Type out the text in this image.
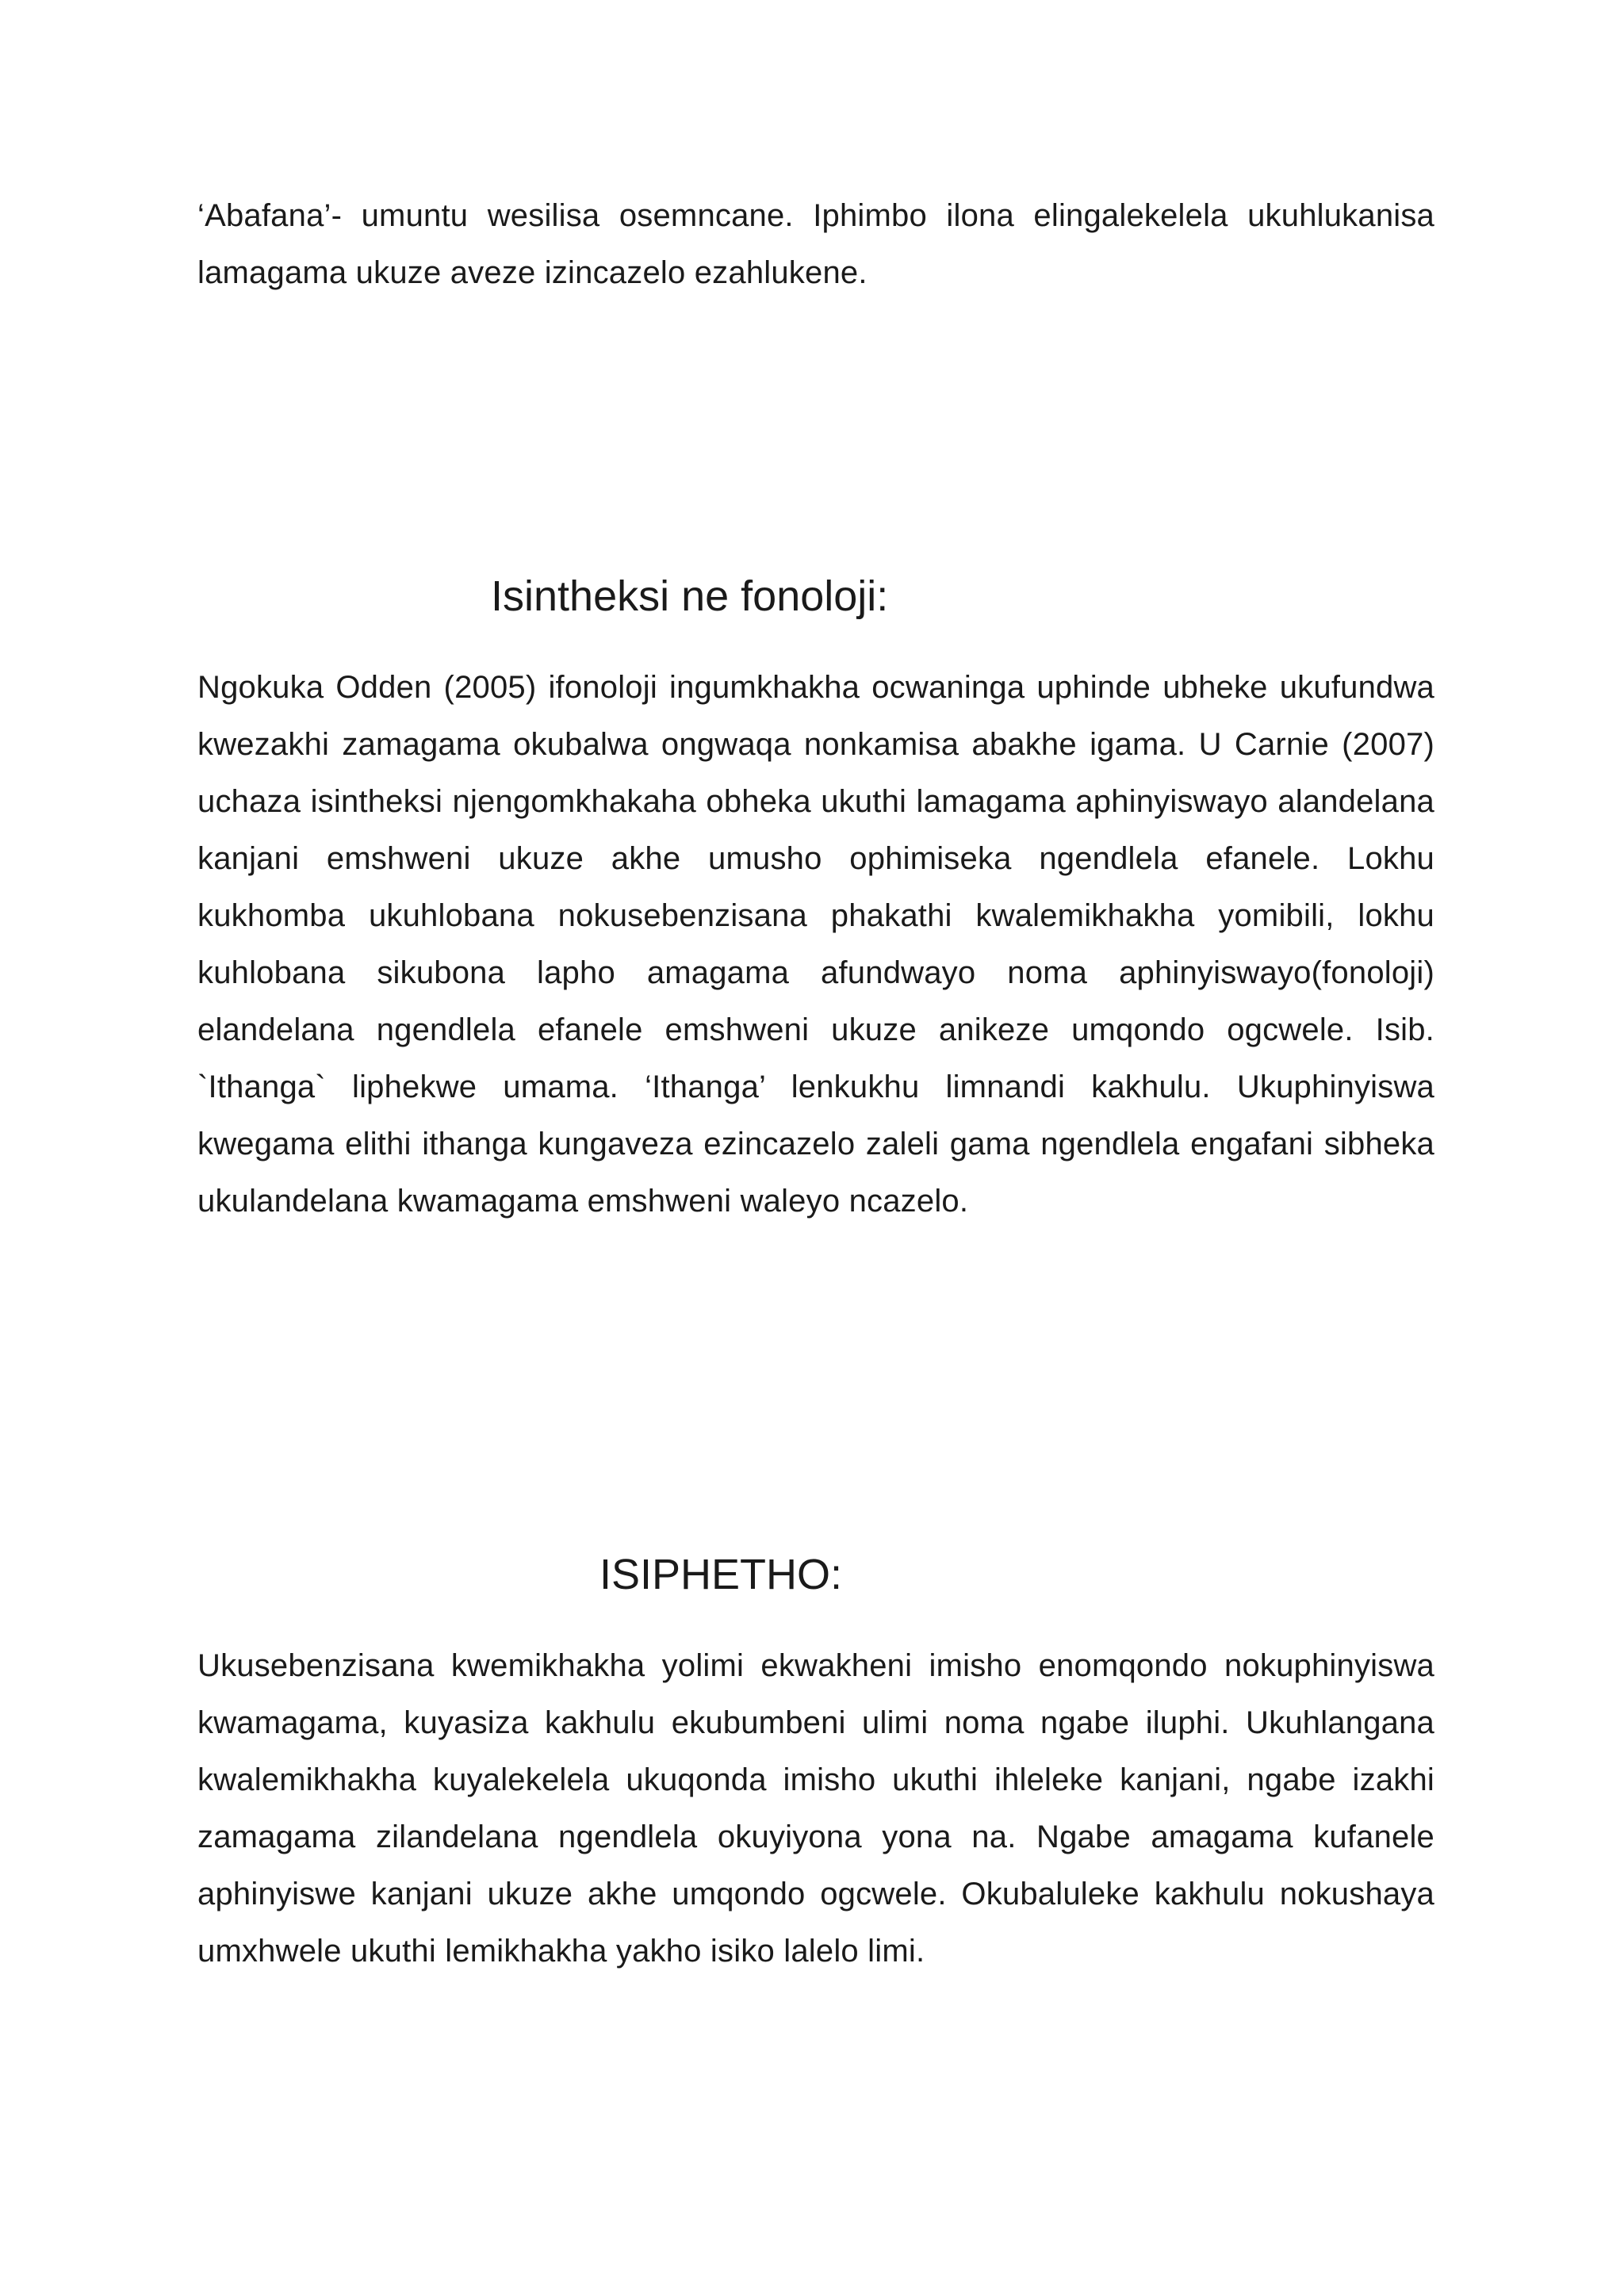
‘Abafana’- umuntu wesilisa osemncane. Iphimbo ilona elingalekelela ukuhlukanisa lamagama ukuze aveze izincazelo ezahlukene.

Isintheksi ne fonoloji:

Ngokuka Odden (2005) ifonoloji ingumkhakha ocwaninga uphinde ubheke ukufundwa kwezakhi zamagama okubalwa ongwaqa nonkamisa abakhe igama. U Carnie (2007) uchaza isintheksi njengomkhakaha obheka ukuthi lamagama aphinyiswayo alandelana kanjani emshweni ukuze akhe umusho ophimiseka ngendlela efanele. Lokhu kukhomba ukuhlobana nokusebenzisana phakathi kwalemikhakha yomibili, lokhu kuhlobana sikubona lapho amagama afundwayo noma aphinyiswayo(fonoloji) elandelana ngendlela efanele emshweni ukuze anikeze umqondo ogcwele. Isib. `Ithanga` liphekwe umama. ‘Ithanga’ lenkukhu limnandi kakhulu. Ukuphinyiswa kwegama elithi ithanga kungaveza ezincazelo zaleli gama ngendlela engafani sibheka ukulandelana kwamagama emshweni waleyo ncazelo.

ISIPHETHO:

Ukusebenzisana kwemikhakha yolimi ekwakheni imisho enomqondo nokuphinyiswa kwamagama, kuyasiza kakhulu ekubumbeni ulimi noma ngabe iluphi. Ukuhlangana kwalemikhakha kuyalekelela ukuqonda imisho ukuthi ihleleke kanjani, ngabe izakhi zamagama zilandelana ngendlela okuyiyona yona na. Ngabe amagama kufanele aphinyiswe kanjani ukuze akhe umqondo ogcwele. Okubaluleke kakhulu nokushaya umxhwele ukuthi lemikhakha yakho isiko lalelo limi.
